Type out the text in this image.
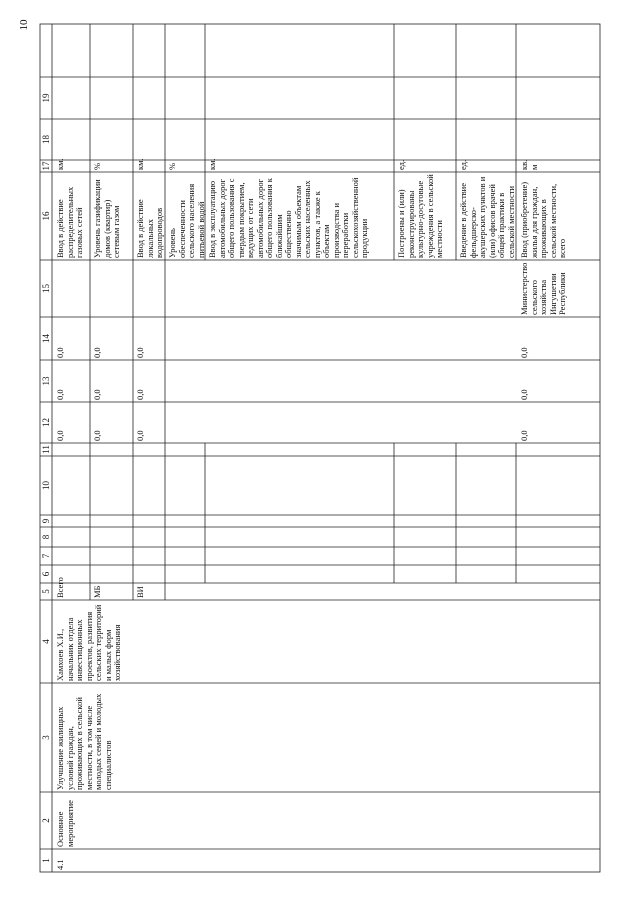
10
1
2
3
4
5
6
7
8
9
10
11
12
13
14
15
16
17
18
19
4.1
Основное мероприятие
Улучшение жилищных условий граждан, проживающих в сельской местности, в том числе молодых семей и молодых специалистов
Хамхоев Х.И., начальник отдела инвестиционных проектов, развития сельских территорий и малых форм хозяйствования
Всего	МБ	ВИ
0,0
0,0
0,0
0,0
0,0
0,0
0,0
0,0
0,0
0,0
0,0
0,0
Министерство сельского хозяйства Ингушетии Республики
Ввод в действие распределительных газовых сетей
км.
Уровень газификации домов (квартир) сетевым газом
%
Ввод в действие локальных водопроводов
км.
Уровень обеспеченности сельского населения питьевой водой
%
Ввод в эксплуатацию автомобильных дорог общего пользования с твердым покрытием, ведущих от сети автомобильных дорог общего пользования к ближайшим общественно значимым объектам сельских населенных пунктов, а также к объектам производства и переработки сельскохозяйственной продукции
км.
Построены и (или) реконструированы культурно-досуговые учреждения в сельской местности
ед.
Введение в действие фельдшерско-акушерских пунктов и (или) офисов врачей общей практики в сельской местности
ед.
Ввод (приобретение) жилья для граждан, проживающих в сельской местности, всего
кв. м
